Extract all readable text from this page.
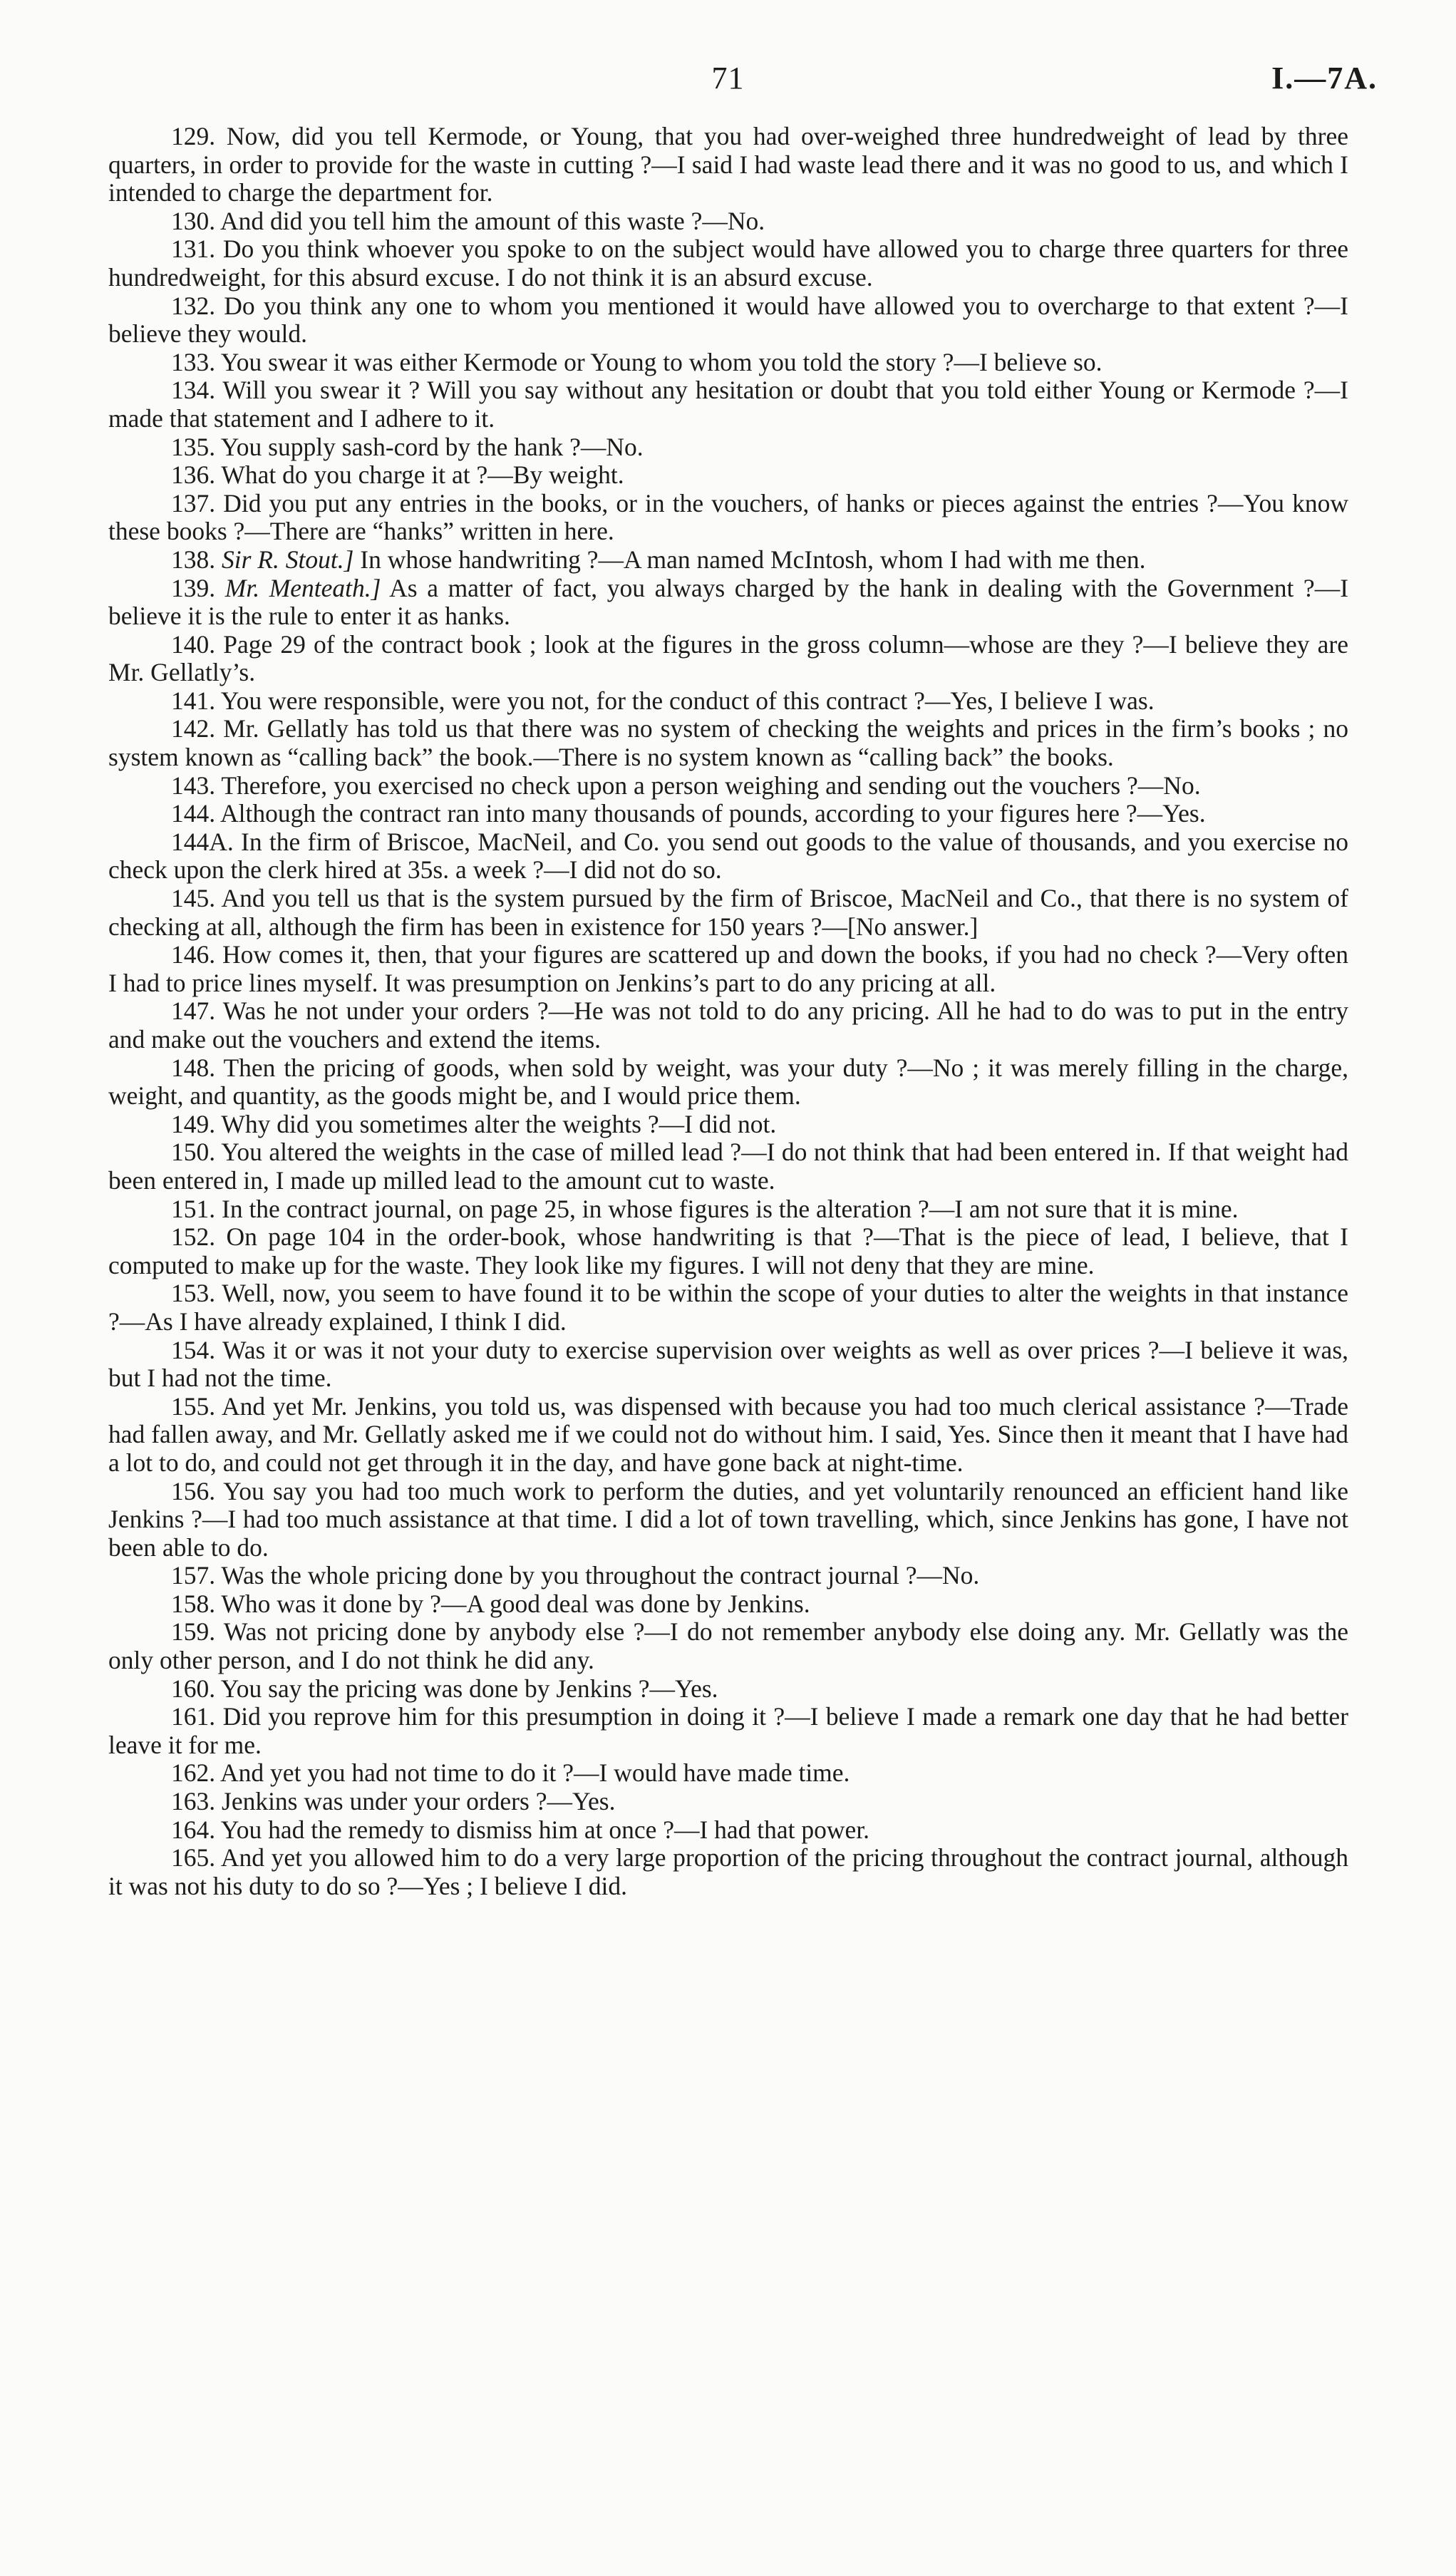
71	I.—7A.

129. Now, did you tell Kermode, or Young, that you had over-weighed three hundredweight of lead by three quarters, in order to provide for the waste in cutting ?—I said I had waste lead there and it was no good to us, and which I intended to charge the department for.

130. And did you tell him the amount of this waste ?—No.

131. Do you think whoever you spoke to on the subject would have allowed you to charge three quarters for three hundredweight, for this absurd excuse. I do not think it is an absurd excuse.

132. Do you think any one to whom you mentioned it would have allowed you to overcharge to that extent ?—I believe they would.

133. You swear it was either Kermode or Young to whom you told the story ?—I believe so.

134. Will you swear it ? Will you say without any hesitation or doubt that you told either Young or Kermode ?—I made that statement and I adhere to it.

135. You supply sash-cord by the hank ?—No.

136. What do you charge it at ?—By weight.

137. Did you put any entries in the books, or in the vouchers, of hanks or pieces against the entries ?—You know these books ?—There are “hanks” written in here.

138. Sir R. Stout.] In whose handwriting ?—A man named McIntosh, whom I had with me then.

139. Mr. Menteath.] As a matter of fact, you always charged by the hank in dealing with the Government ?—I believe it is the rule to enter it as hanks.

140. Page 29 of the contract book ; look at the figures in the gross column—whose are they ?—I believe they are Mr. Gellatly’s.

141. You were responsible, were you not, for the conduct of this contract ?—Yes, I believe I was.

142. Mr. Gellatly has told us that there was no system of checking the weights and prices in the firm’s books ; no system known as “calling back” the book.—There is no system known as “calling back” the books.

143. Therefore, you exercised no check upon a person weighing and sending out the vouchers ?—No.

144. Although the contract ran into many thousands of pounds, according to your figures here ?—Yes.

144A. In the firm of Briscoe, MacNeil, and Co. you send out goods to the value of thousands, and you exercise no check upon the clerk hired at 35s. a week ?—I did not do so.

145. And you tell us that is the system pursued by the firm of Briscoe, MacNeil and Co., that there is no system of checking at all, although the firm has been in existence for 150 years ?—[No answer.]

146. How comes it, then, that your figures are scattered up and down the books, if you had no check ?—Very often I had to price lines myself. It was presumption on Jenkins’s part to do any pricing at all.

147. Was he not under your orders ?—He was not told to do any pricing. All he had to do was to put in the entry and make out the vouchers and extend the items.

148. Then the pricing of goods, when sold by weight, was your duty ?—No ; it was merely filling in the charge, weight, and quantity, as the goods might be, and I would price them.

149. Why did you sometimes alter the weights ?—I did not.

150. You altered the weights in the case of milled lead ?—I do not think that had been entered in. If that weight had been entered in, I made up milled lead to the amount cut to waste.

151. In the contract journal, on page 25, in whose figures is the alteration ?—I am not sure that it is mine.

152. On page 104 in the order-book, whose handwriting is that ?—That is the piece of lead, I believe, that I computed to make up for the waste. They look like my figures. I will not deny that they are mine.

153. Well, now, you seem to have found it to be within the scope of your duties to alter the weights in that instance ?—As I have already explained, I think I did.

154. Was it or was it not your duty to exercise supervision over weights as well as over prices ?—I believe it was, but I had not the time.

155. And yet Mr. Jenkins, you told us, was dispensed with because you had too much clerical assistance ?—Trade had fallen away, and Mr. Gellatly asked me if we could not do without him. I said, Yes. Since then it meant that I have had a lot to do, and could not get through it in the day, and have gone back at night-time.

156. You say you had too much work to perform the duties, and yet voluntarily renounced an efficient hand like Jenkins ?—I had too much assistance at that time. I did a lot of town travelling, which, since Jenkins has gone, I have not been able to do.

157. Was the whole pricing done by you throughout the contract journal ?—No.

158. Who was it done by ?—A good deal was done by Jenkins.

159. Was not pricing done by anybody else ?—I do not remember anybody else doing any. Mr. Gellatly was the only other person, and I do not think he did any.

160. You say the pricing was done by Jenkins ?—Yes.

161. Did you reprove him for this presumption in doing it ?—I believe I made a remark one day that he had better leave it for me.

162. And yet you had not time to do it ?—I would have made time.

163. Jenkins was under your orders ?—Yes.

164. You had the remedy to dismiss him at once ?—I had that power.

165. And yet you allowed him to do a very large proportion of the pricing throughout the contract journal, although it was not his duty to do so ?—Yes ; I believe I did.
